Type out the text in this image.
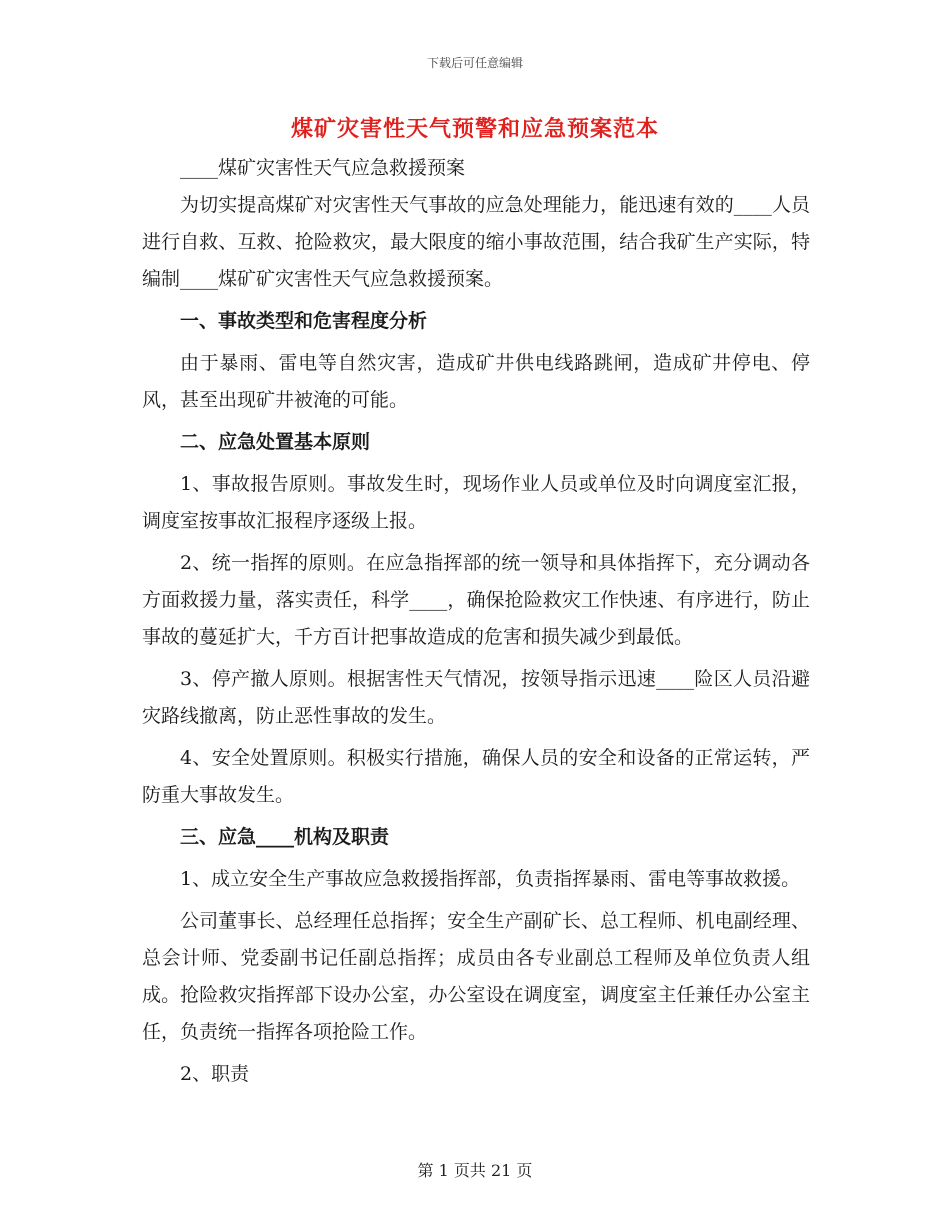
下载后可任意编辑
煤矿灾害性天气预警和应急预案范本

____煤矿灾害性天气应急救援预案

为切实提高煤矿对灾害性天气事故的应急处理能力，能迅速有效的____人员进行自救、互救、抢险救灾，最大限度的缩小事故范围，结合我矿生产实际，特编制____煤矿矿灾害性天气应急救援预案。

一、事故类型和危害程度分析

由于暴雨、雷电等自然灾害，造成矿井供电线路跳闸，造成矿井停电、停风，甚至出现矿井被淹的可能。

二、应急处置基本原则

1、事故报告原则。事故发生时，现场作业人员或单位及时向调度室汇报，调度室按事故汇报程序逐级上报。

2、统一指挥的原则。在应急指挥部的统一领导和具体指挥下，充分调动各方面救援力量，落实责任，科学____，确保抢险救灾工作快速、有序进行，防止事故的蔓延扩大，千方百计把事故造成的危害和损失减少到最低。

3、停产撤人原则。根据害性天气情况，按领导指示迅速____险区人员沿避灾路线撤离，防止恶性事故的发生。

4、安全处置原则。积极实行措施，确保人员的安全和设备的正常运转，严防重大事故发生。

三、应急____机构及职责

1、成立安全生产事故应急救援指挥部，负责指挥暴雨、雷电等事故救援。

公司董事长、总经理任总指挥；安全生产副矿长、总工程师、机电副经理、总会计师、党委副书记任副总指挥；成员由各专业副总工程师及单位负责人组成。抢险救灾指挥部下设办公室，办公室设在调度室，调度室主任兼任办公室主任，负责统一指挥各项抢险工作。

2、职责

第 1 页共 21 页
